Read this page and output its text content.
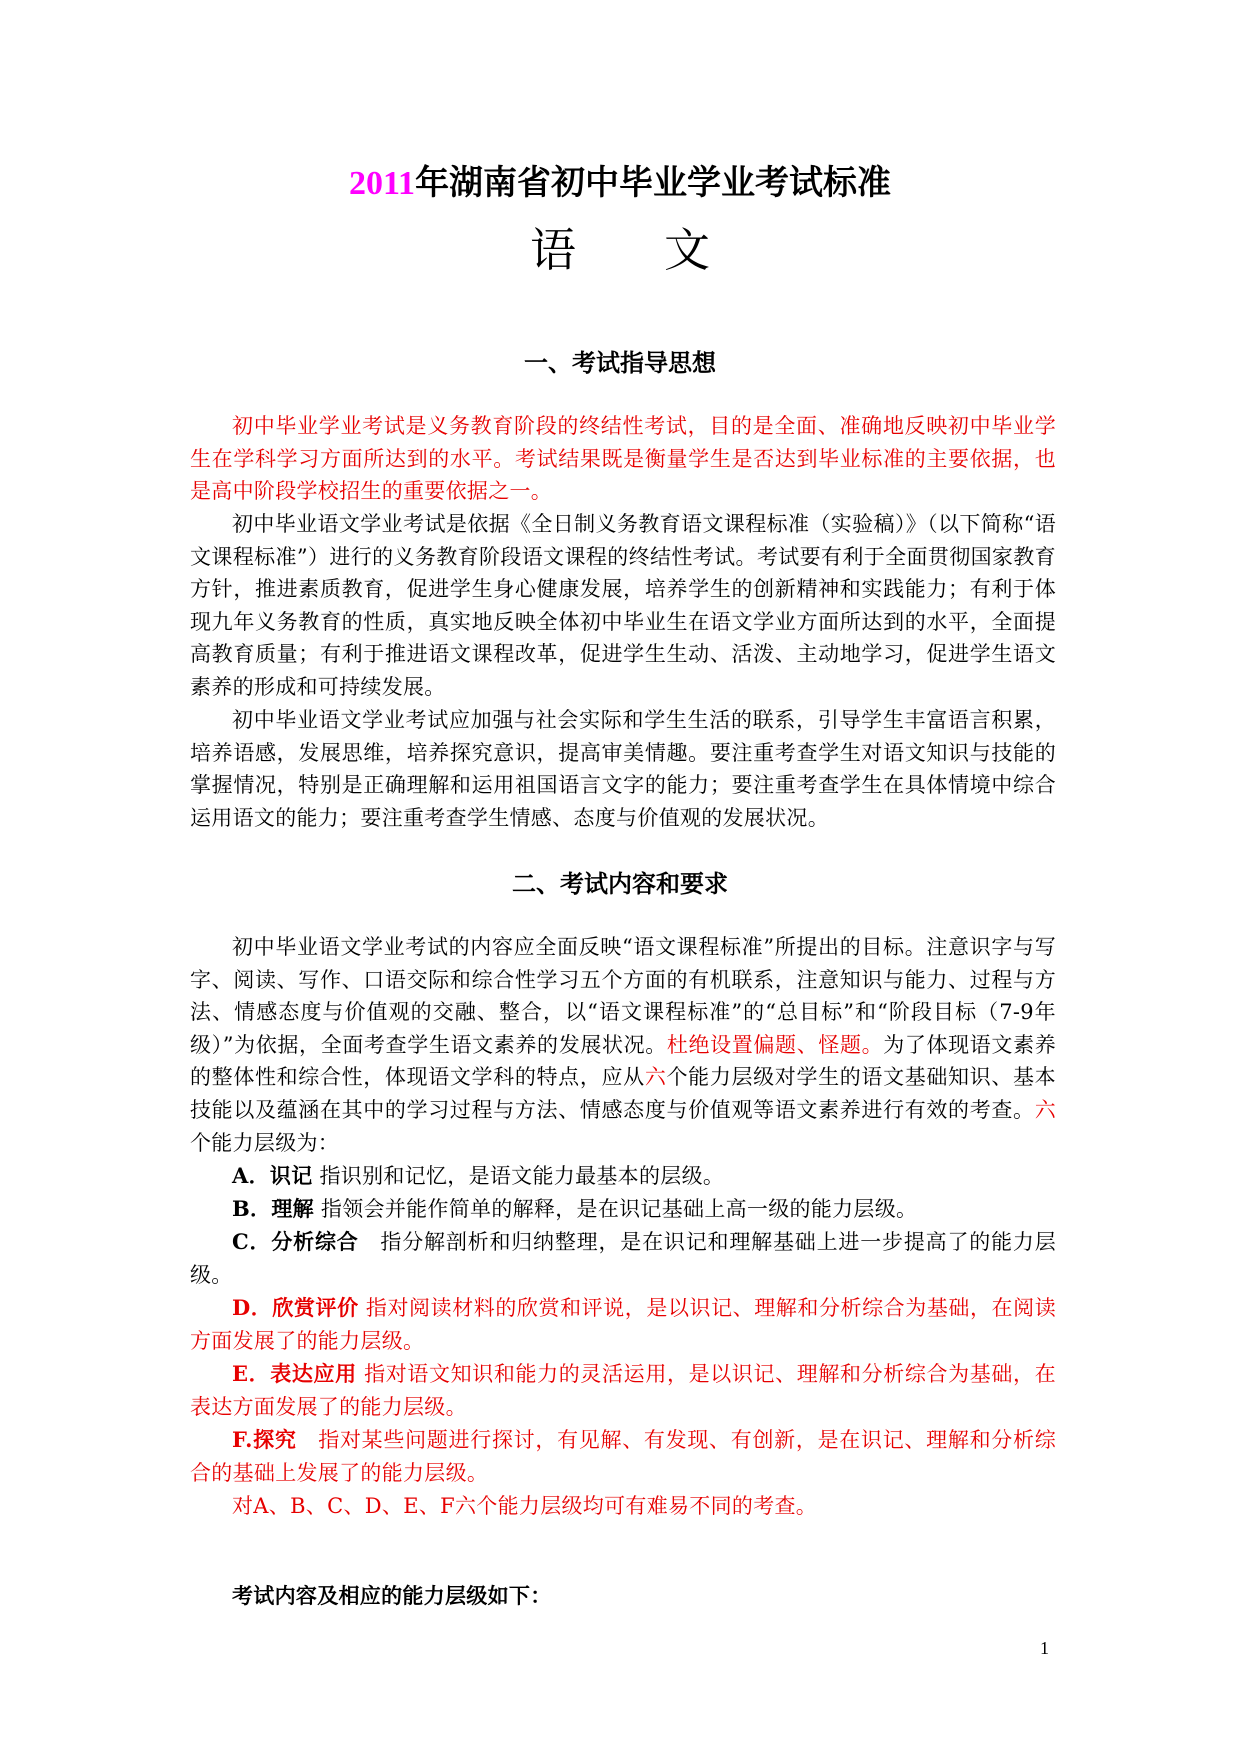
2011年湖南省初中毕业学业考试标准
语文
一、考试指导思想

初中毕业学业考试是义务教育阶段的终结性考试，目的是全面、准确地反映初中毕业学生在学科学习方面所达到的水平。考试结果既是衡量学生是否达到毕业标准的主要依据，也是高中阶段学校招生的重要依据之一。

初中毕业语文学业考试是依据《全日制义务教育语文课程标准（实验稿）》（以下简称“语文课程标准”）进行的义务教育阶段语文课程的终结性考试。考试要有利于全面贯彻国家教育方针，推进素质教育，促进学生身心健康发展，培养学生的创新精神和实践能力；有利于体现九年义务教育的性质，真实地反映全体初中毕业生在语文学业方面所达到的水平，全面提高教育质量；有利于推进语文课程改革，促进学生生动、活泼、主动地学习，促进学生语文素养的形成和可持续发展。

初中毕业语文学业考试应加强与社会实际和学生生活的联系，引导学生丰富语言积累，培养语感，发展思维，培养探究意识，提高审美情趣。要注重考查学生对语文知识与技能的掌握情况，特别是正确理解和运用祖国语言文字的能力；要注重考查学生在具体情境中综合运用语文的能力；要注重考查学生情感、态度与价值观的发展状况。

二、考试内容和要求

初中毕业语文学业考试的内容应全面反映“语文课程标准”所提出的目标。注意识字与写字、阅读、写作、口语交际和综合性学习五个方面的有机联系，注意知识与能力、过程与方法、情感态度与价值观的交融、整合，以“语文课程标准”的“总目标”和“阶段目标（7-9年级）”为依据，全面考查学生语文素养的发展状况。杜绝设置偏题、怪题。为了体现语文素养的整体性和综合性，体现语文学科的特点，应从六个能力层级对学生的语文基础知识、基本技能以及蕴涵在其中的学习过程与方法、情感态度与价值观等语文素养进行有效的考查。六个能力层级为：

A．识记 指识别和记忆，是语文能力最基本的层级。

B．理解 指领会并能作简单的解释，是在识记基础上高一级的能力层级。

C．分析综合　指分解剖析和归纳整理，是在识记和理解基础上进一步提高了的能力层级。

D．欣赏评价 指对阅读材料的欣赏和评说，是以识记、理解和分析综合为基础，在阅读方面发展了的能力层级。

E．表达应用 指对语文知识和能力的灵活运用，是以识记、理解和分析综合为基础，在表达方面发展了的能力层级。

F.探究　指对某些问题进行探讨，有见解、有发现、有创新，是在识记、理解和分析综合的基础上发展了的能力层级。

对A、B、C、D、E、F六个能力层级均可有难易不同的考查。

考试内容及相应的能力层级如下：

1
